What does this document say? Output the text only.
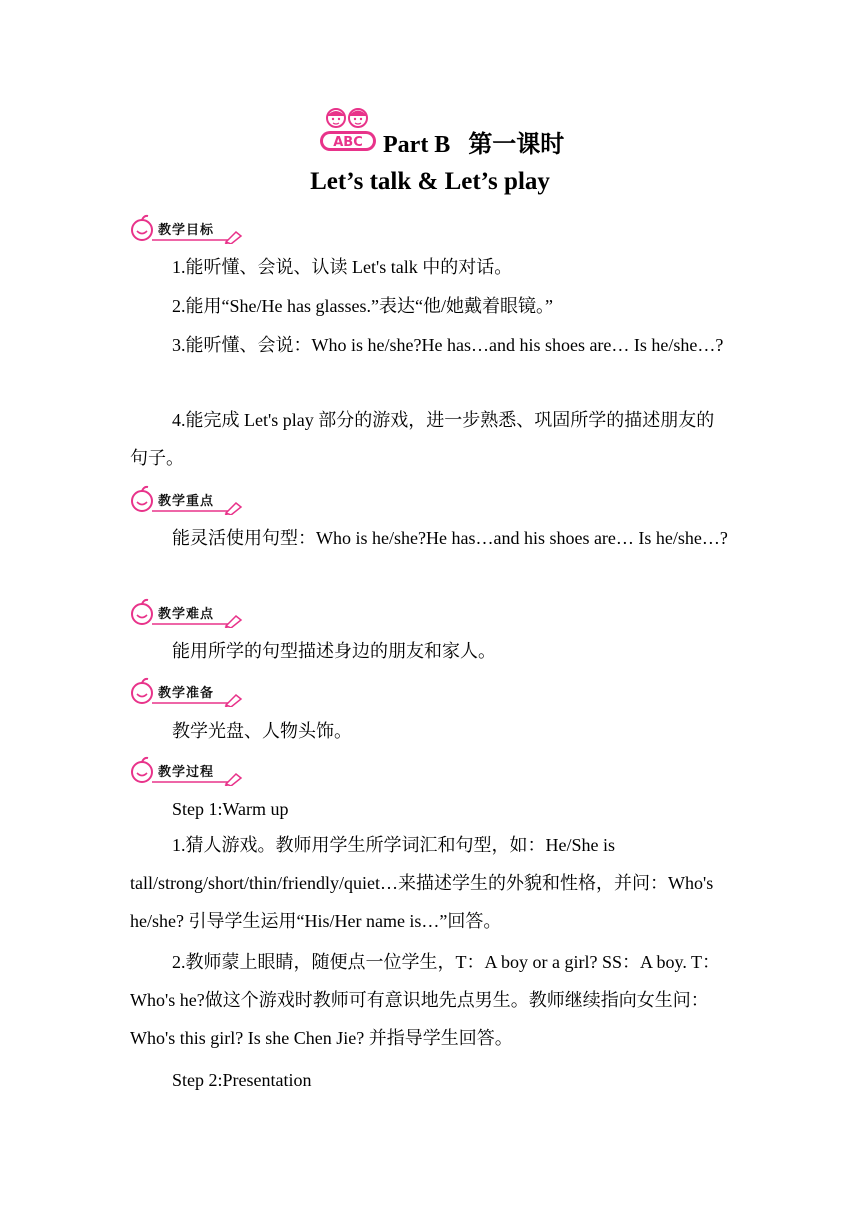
ABC Part B   第一课时
Let’s talk & Let’s play
教学目标
1.能听懂、会说、认读 Let's talk 中的对话。
2.能用“She/He has glasses.”表达“他/她戴着眼镜。”
3.能听懂、会说：Who is he/she?He has…and his shoes are… Is he/she…?
4.能完成 Let's play 部分的游戏，进一步熟悉、巩固所学的描述朋友的句子。
教学重点
能灵活使用句型：Who is he/she?He has…and his shoes are… Is he/she…?
教学难点
能用所学的句型描述身边的朋友和家人。
教学准备
教学光盘、人物头饰。
教学过程
Step 1:Warm up
1.猜人游戏。教师用学生所学词汇和句型，如：He/She is tall/strong/short/thin/friendly/quiet…来描述学生的外貌和性格，并问：Who's he/she? 引导学生运用“His/Her name is…”回答。
2.教师蒙上眼睛，随便点一位学生，T：A boy or a girl? SS：A boy. T：Who's he?做这个游戏时教师可有意识地先点男生。教师继续指向女生问：Who's this girl? Is she Chen Jie? 并指导学生回答。
Step 2:Presentation
